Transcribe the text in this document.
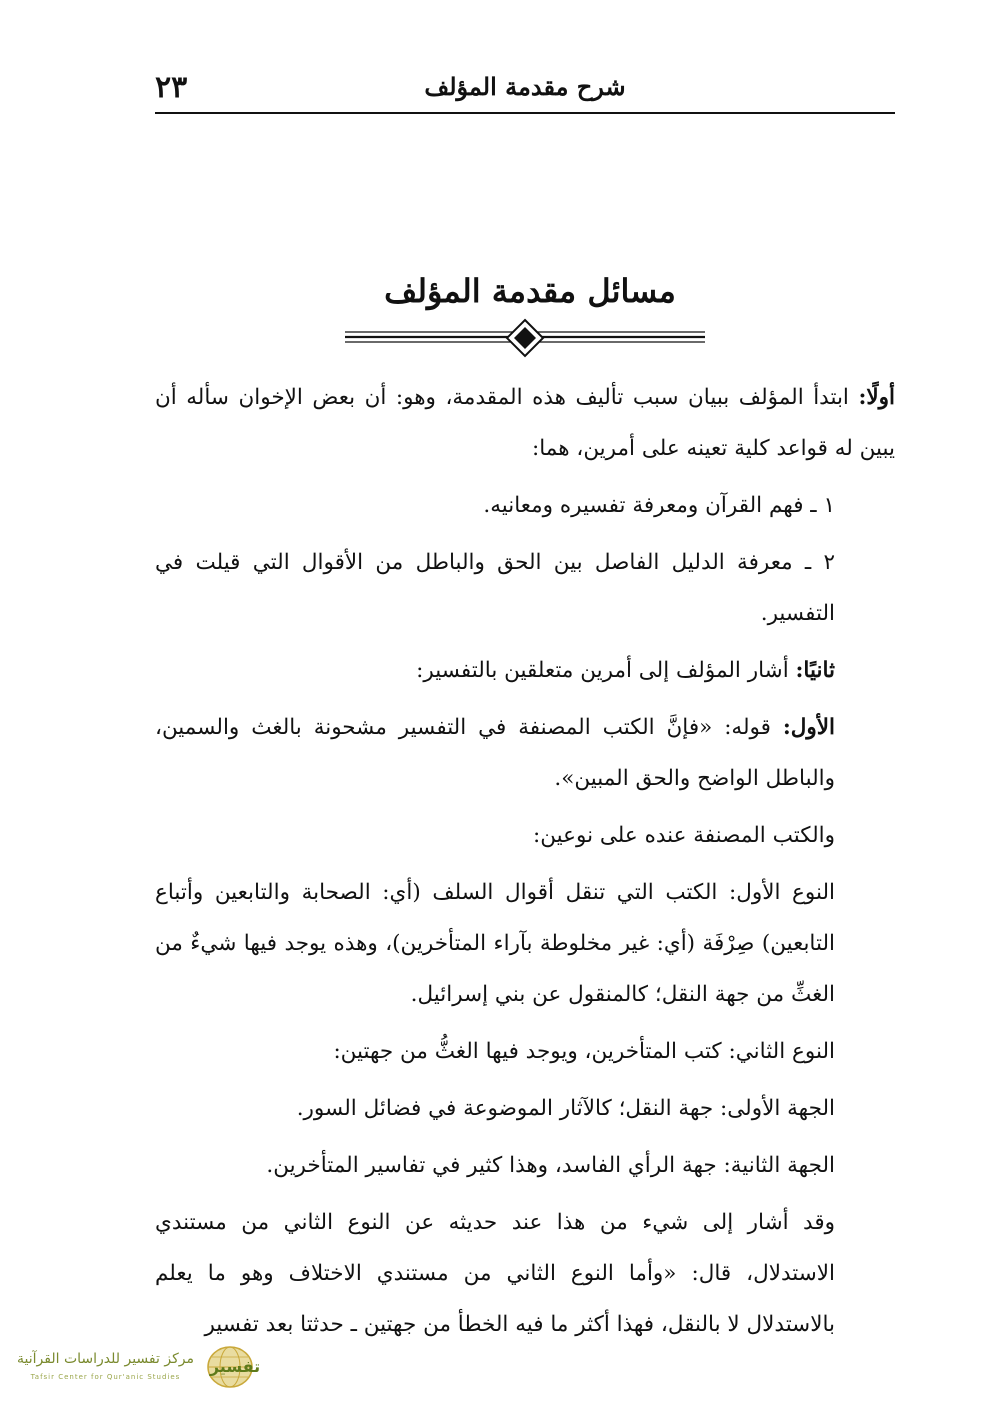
٢٣	شرح مقدمة المؤلف
مسائل مقدمة المؤلف

أولًا: ابتدأ المؤلف ببيان سبب تأليف هذه المقدمة، وهو: أن بعض الإخوان سأله أن يبين له قواعد كلية تعينه على أمرين، هما:

١ ـ فهم القرآن ومعرفة تفسيره ومعانيه.

٢ ـ معرفة الدليل الفاصل بين الحق والباطل من الأقوال التي قيلت في التفسير.

ثانيًا: أشار المؤلف إلى أمرين متعلقين بالتفسير:

الأول: قوله: «فإنَّ الكتب المصنفة في التفسير مشحونة بالغث والسمين، والباطل الواضح والحق المبين».

والكتب المصنفة عنده على نوعين:

النوع الأول: الكتب التي تنقل أقوال السلف (أي: الصحابة والتابعين وأتباع التابعين) صِرْفَة (أي: غير مخلوطة بآراء المتأخرين)، وهذه يوجد فيها شيءٌ من الغثِّ من جهة النقل؛ كالمنقول عن بني إسرائيل.

النوع الثاني: كتب المتأخرين، ويوجد فيها الغثُّ من جهتين:

الجهة الأولى: جهة النقل؛ كالآثار الموضوعة في فضائل السور.

الجهة الثانية: جهة الرأي الفاسد، وهذا كثير في تفاسير المتأخرين.

وقد أشار إلى شيء من هذا عند حديثه عن النوع الثاني من مستندي الاستدلال، قال: «وأما النوع الثاني من مستندي الاختلاف وهو ما يعلم بالاستدلال لا بالنقل، فهذا أكثر ما فيه الخطأ من جهتين ـ حدثتا بعد تفسير

مركز تفسير للدراسات القرآنية
Tafsir Center for Qur'anic Studies
تفسير
